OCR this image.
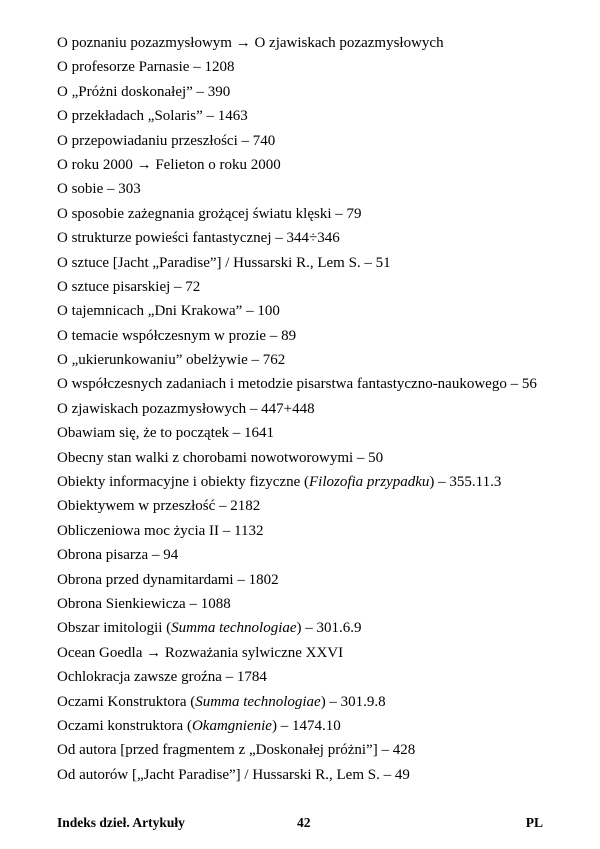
O poznaniu pozazmysłowym → O zjawiskach pozazmysłowych

O profesorze Parnasie – 1208

O „Próżni doskonałej” – 390

O przekładach „Solaris” – 1463

O przepowiadaniu przeszłości – 740

O roku 2000 → Felieton o roku 2000

O sobie – 303

O sposobie zażegnania grożącej światu klęski – 79

O strukturze powieści fantastycznej – 344÷346

O sztuce [Jacht „Paradise”] / Hussarski R., Lem S. – 51

O sztuce pisarskiej – 72

O tajemnicach „Dni Krakowa” – 100

O temacie współczesnym w prozie – 89

O „ukierunkowaniu” obelżywie – 762

O współczesnych zadaniach i metodzie pisarstwa fantastyczno-naukowego – 56

O zjawiskach pozazmysłowych – 447+448

Obawiam się, że to początek – 1641

Obecny stan walki z chorobami nowotworowymi – 50

Obiekty informacyjne i obiekty fizyczne (Filozofia przypadku) – 355.11.3

Obiektywem w przeszłość – 2182

Obliczeniowa moc życia II – 1132

Obrona pisarza – 94

Obrona przed dynamitardami – 1802

Obrona Sienkiewicza – 1088

Obszar imitologii (Summa technologiae) – 301.6.9

Ocean Goedla → Rozważania sylwiczne XXVI

Ochlokracja zawsze groźna – 1784

Oczami Konstruktora (Summa technologiae) – 301.9.8

Oczami konstruktora (Okamgnienie) – 1474.10

Od autora [przed fragmentem z „Doskonałej próżni”] – 428

Od autorów [„Jacht Paradise”] / Hussarski R., Lem S. – 49

Indeks dzieł. Artykuły	42	PL
